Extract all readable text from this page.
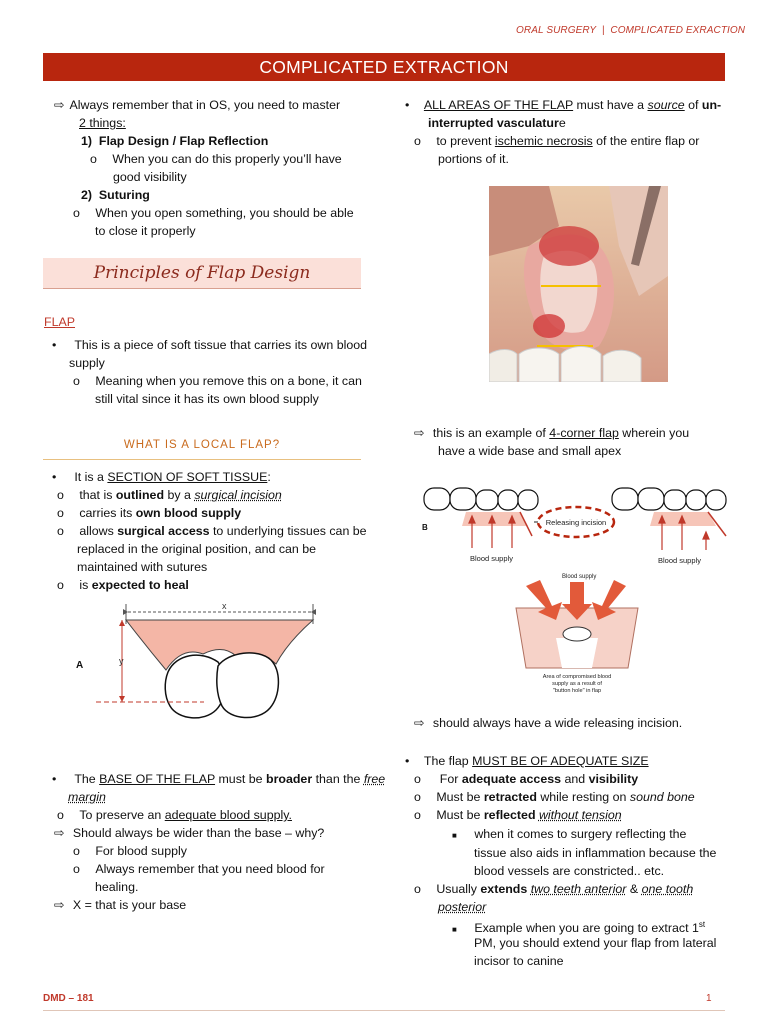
ORAL SURGERY | COMPLICATED EXRACTION
COMPLICATED EXTRACTION
⇨ Always remember that in OS, you need to master
2 things:
1)  Flap Design / Flap Reflection
o When you can do this properly you’ll have
good visibility
2)  Suturing
o When you open something, you should be able
to close it properly
Principles of Flap Design
FLAP
• This is a piece of soft tissue that carries its own blood
supply
o Meaning when you remove this on a bone, it can
still vital since it has its own blood supply
WHAT IS A LOCAL FLAP?
• It is a SECTION OF SOFT TISSUE:
o that is outlined by a surgical incision
o carries its own blood supply
o allows surgical access to underlying tissues can be
replaced in the original position, and can be
maintained with sutures
o is expected to heal
x
y
A
• The BASE OF THE FLAP must be broader than the free
margin
o To preserve an adequate blood supply.
⇨ Should always be wider than the base – why?
o For blood supply
o Always remember that you need blood for
healing.
⇨ X = that is your base
• ALL AREAS OF THE FLAP must have a source of un-
interrupted vasculature
o to prevent ischemic necrosis of the entire flap or
portions of it.
⇨ this is an example of 4-corner flap wherein you
have a wide base and small apex
B
Releasing incision
Blood supply	Blood supply
Blood supply
Area of compromised blood
supply as a result of
"button hole" in flap
⇨ should always have a wide releasing incision.
• The flap MUST BE OF ADEQUATE SIZE
o For adequate access and visibility
o Must be retracted while resting on sound bone
o Must be reflected without tension
■ when it comes to surgery reflecting the
tissue also aids in inflammation because the
blood vessels are constricted.. etc.
o Usually extends two teeth anterior & one tooth
posterior
■ Example when you are going to extract 1st
PM, you should extend your flap from lateral
incisor to canine
DMD – 181	1
